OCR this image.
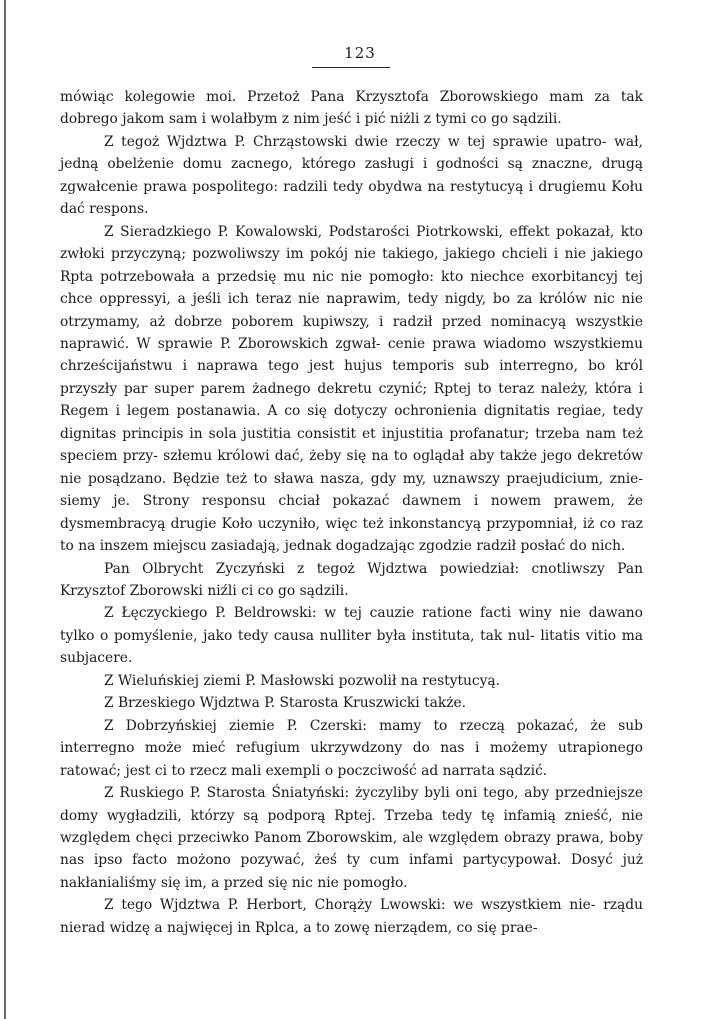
123

mówiąc kolegowie moi. Przetoż Pana Krzysztofa Zborowskiego mam za tak dobrego jakom sam i wolałbym z nim jeść i pić niżli z tymi co go sądzili.

Z tegoż Wjdztwa P. Chrząstowski dwie rzeczy w tej sprawie upatro- wał, jedną obelżenie domu zacnego, którego zasługi i godności są znaczne, drugą zgwałcenie prawa pospolitego: radzili tedy obydwa na restytucyą i drugiemu Kołu dać respons.

Z Sieradzkiego P. Kowalowski, Podstarości Piotrkowski, effekt pokazał, kto zwłoki przyczyną; pozwoliwszy im pokój nie takiego, jakiego chcieli i nie jakiego Rpta potrzebowała a przedsię mu nic nie pomogło: kto niechce exorbitancyj tej chce oppressyi, a jeśli ich teraz nie naprawim, tedy nigdy, bo za królów nic nie otrzymamy, aż dobrze poborem kupiwszy, i radził przed nominacyą wszystkie naprawić. W sprawie P. Zborowskich zgwał- cenie prawa wiadomo wszystkiemu chrześcijaństwu i naprawa tego jest hujus temporis sub interregno, bo król przyszły par super parem żadnego dekretu czynić; Rptej to teraz należy, która i Regem i legem postanawia. A co się dotyczy ochronienia dignitatis regiae, tedy dignitas principis in sola justitia consistit et injustitia profanatur; trzeba nam też speciem przy- szłemu królowi dać, żeby się na to oglądał aby także jego dekretów nie posądzano. Będzie też to sława nasza, gdy my, uznawszy praejudicium, znie- siemy je. Strony responsu chciał pokazać dawnem i nowem prawem, że dysmembracyą drugie Koło uczyniło, więc też inkonstancyą przypomniał, iż co raz to na inszem miejscu zasiadają, jednak dogadzając zgodzie radził posłać do nich.

Pan Olbrycht Zyczyński z tegoż Wjdztwa powiedział: cnotliwszy Pan Krzysztof Zborowski niźli ci co go sądzili.

Z Łęczyckiego P. Beldrowski: w tej cauzie ratione facti winy nie dawano tylko o pomyślenie, jako tedy causa nulliter była instituta, tak nul- litatis vitio ma subjacere.

Z Wieluńskiej ziemi P. Masłowski pozwolił na restytucyą.

Z Brzeskiego Wjdztwa P. Starosta Kruszwicki także.

Z Dobrzyńskiej ziemie P. Czerski: mamy to rzeczą pokazać, że sub interregno może mieć refugium ukrzywdzony do nas i możemy utrapionego ratować; jest ci to rzecz mali exempli o poczciwość ad narrata sądzić.

Z Ruskiego P. Starosta Śniatyński: życzyliby byli oni tego, aby przedniejsze domy wygładzili, którzy są podporą Rptej. Trzeba tedy tę infamią znieść, nie względem chęci przeciwko Panom Zborowskim, ale względem obrazy prawa, boby nas ipso facto możono pozywać, żeś ty cum infami partycypował. Dosyć już nakłanialiśmy się im, a przed się nic nie pomogło.

Z tego Wjdztwa P. Herbort, Chorąży Lwowski: we wszystkiem nie- rządu nierad widzę a najwięcej in Rplca, a to zowę nierządem, co się prae-
